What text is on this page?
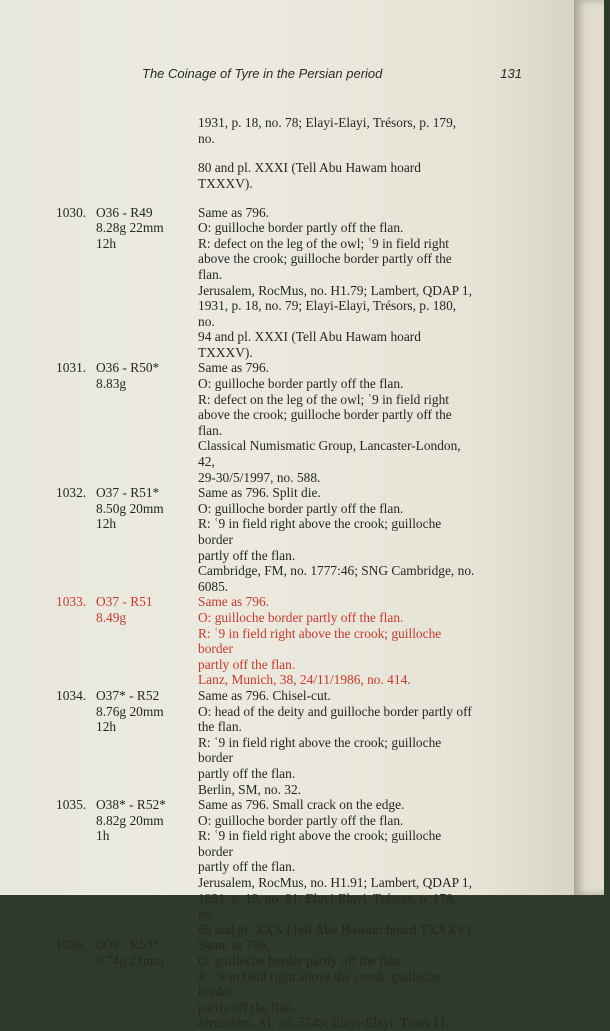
The Coinage of Tyre in the Persian period	131

1931, p. 18, no. 78; Elayi-Elayi, Trésors, p. 179, no.

80 and pl. XXXI (Tell Abu Hawam hoard TXXXV).

1030. O36 - R49
8.28g 22mm
12h

Same as 796.

O: guilloche border partly off the flan.

R: defect on the leg of the owl; ʿ9 in field right

above the crook; guilloche border partly off the flan.

Jerusalem, RocMus, no. H1.79; Lambert, QDAP 1,

1931, p. 18, no. 79; Elayi-Elayi, Trésors, p. 180, no.

94 and pl. XXXI (Tell Abu Hawam hoard TXXXV).

1031. O36 - R50*
8.83g

Same as 796.

O: guilloche border partly off the flan.

R: defect on the leg of the owl; ʿ9 in field right

above the crook; guilloche border partly off the flan.

Classical Numismatic Group, Lancaster-London, 42,

29-30/5/1997, no. 588.

1032. O37 - R51*
8.50g 20mm
12h

Same as 796. Split die.

O: guilloche border partly off the flan.

R: ʿ9 in field right above the crook; guilloche border

partly off the flan.

Cambridge, FM, no. 1777:46; SNG Cambridge, no.

6085.

1033. O37 - R51
8.49g

Same as 796.

O: guilloche border partly off the flan.

R: ʿ9 in field right above the crook; guilloche border

partly off the flan.

Lanz, Munich, 38, 24/11/1986, no. 414.

1034. O37* - R52
8.76g 20mm
12h

Same as 796. Chisel-cut.

O: head of the deity and guilloche border partly off

the flan.

R: ʿ9 in field right above the crook; guilloche border

partly off the flan.

Berlin, SM, no. 32.

1035. O38* - R52*
8.82g 20mm
1h

Same as 796. Small crack on the edge.

O: guilloche border partly off the flan.

R: ʿ9 in field right above the crook; guilloche border

partly off the flan.

Jerusalem, RocMus, no. H1.91; Lambert, QDAP 1,

1931, p. 19, no. 91; Elayi-Elayi, Trésors, p. 178, no.

69 and pl. XXX (Tell Abu Hawam hoard TXXXV).

1036. O38 - R53*
8.74g 21mm

Same as 796.

O: guilloche border partly off the flan.

R: ʿ9 in field right above the crook; guilloche border

partly off the flan.

Jerusalem, AI, no. 5549; Elayi-Elayi, Trans 11,
